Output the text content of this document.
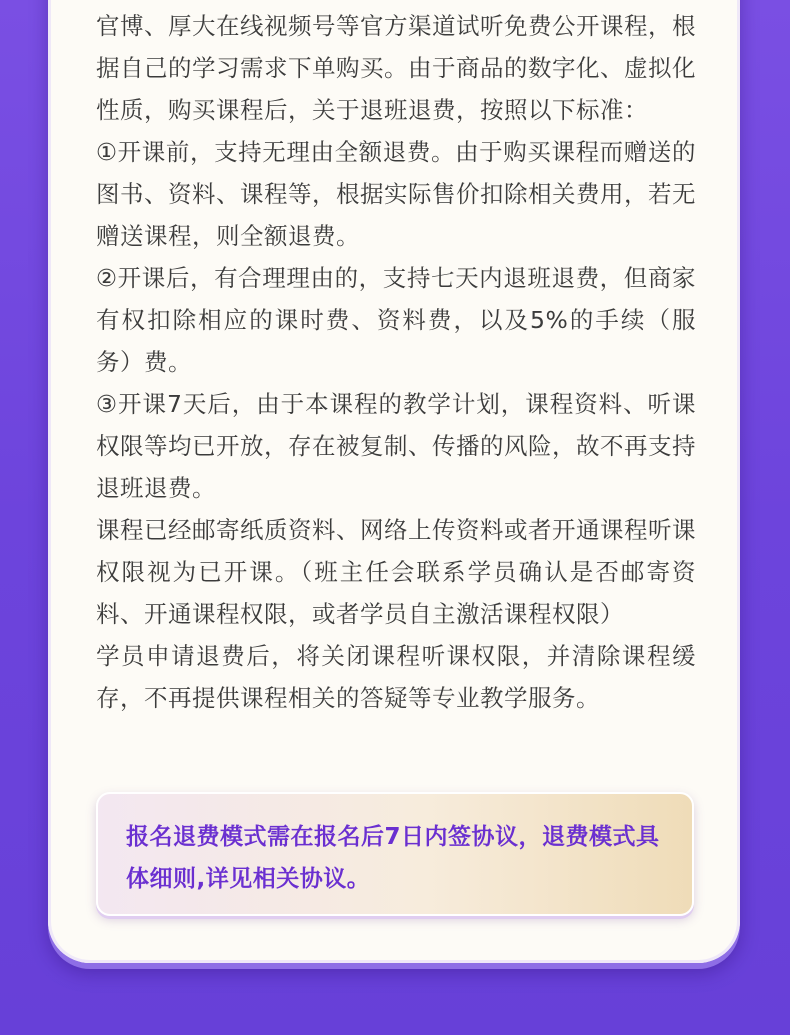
官博、厚大在线视频号等官方渠道试听免费公开课程，根据自己的学习需求下单购买。由于商品的数字化、虚拟化性质，购买课程后，关于退班退费，按照以下标准：

①开课前，支持无理由全额退费。由于购买课程而赠送的图书、资料、课程等，根据实际售价扣除相关费用，若无赠送课程，则全额退费。

②开课后，有合理理由的，支持七天内退班退费，但商家有权扣除相应的课时费、资料费，以及5%的手续（服务）费。

③开课7天后，由于本课程的教学计划，课程资料、听课权限等均已开放，存在被复制、传播的风险，故不再支持退班退费。

课程已经邮寄纸质资料、网络上传资料或者开通课程听课权限视为已开课。（班主任会联系学员确认是否邮寄资料、开通课程权限，或者学员自主激活课程权限）

学员申请退费后，将关闭课程听课权限，并清除课程缓存，不再提供课程相关的答疑等专业教学服务。

报名退费模式需在报名后7日内签协议，退费模式具体细则,详见相关协议。
